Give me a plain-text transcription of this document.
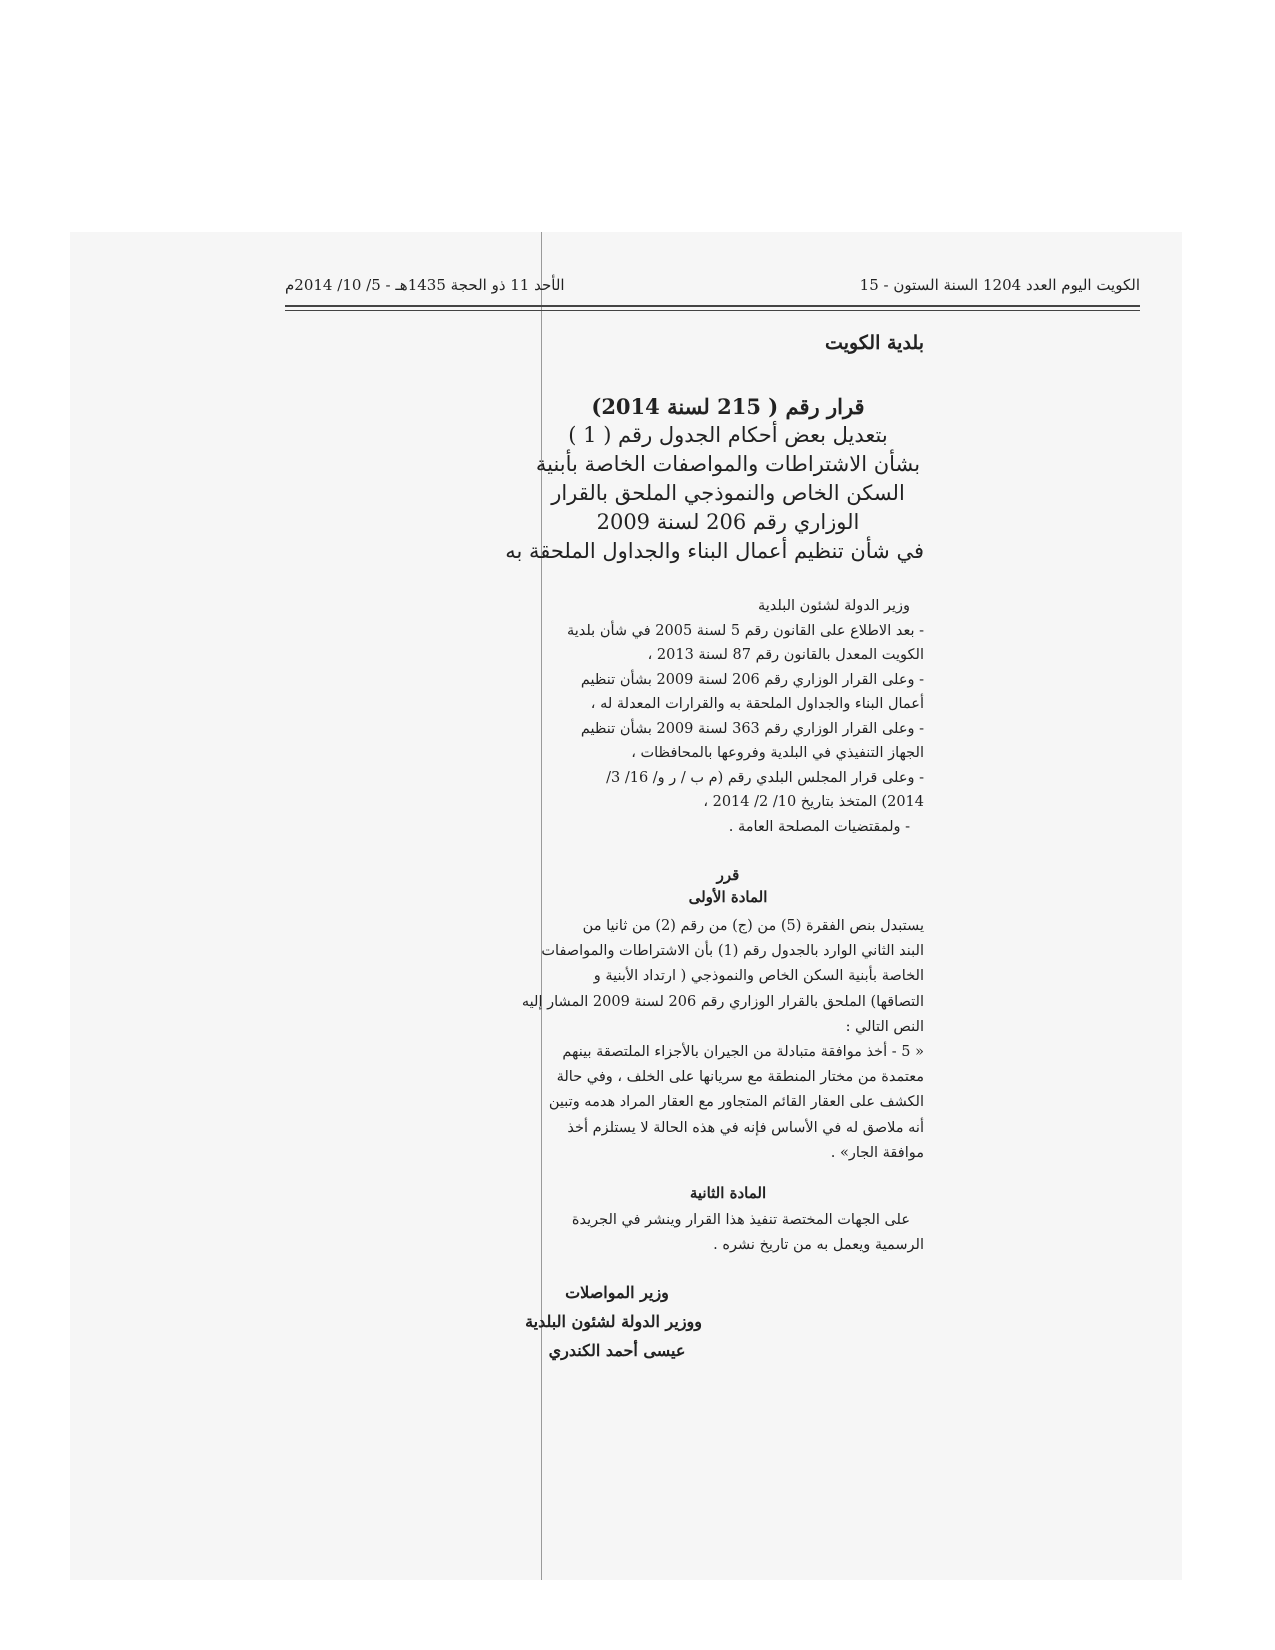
الكويت اليوم العدد 1204 السنة الستون - 15
الأحد 11 ذو الحجة 1435هـ - 5/ 10/ 2014م
بلدية الكويت
قرار رقم ( 215 لسنة 2014)
بتعديل بعض أحكام الجدول رقم ( 1 )
بشأن الاشتراطات والمواصفات الخاصة بأبنية
السكن الخاص والنموذجي الملحق بالقرار
الوزاري رقم 206 لسنة 2009
في شأن تنظيم أعمال البناء والجداول الملحقة به
وزير الدولة لشئون البلدية
- بعد الاطلاع على القانون رقم 5 لسنة 2005 في شأن بلدية
الكويت المعدل بالقانون رقم 87 لسنة 2013 ،
- وعلى القرار الوزاري رقم 206 لسنة 2009 بشأن تنظيم
أعمال البناء والجداول الملحقة به والقرارات المعدلة له ،
- وعلى القرار الوزاري رقم 363 لسنة 2009 بشأن تنظيم
الجهاز التنفيذي في البلدية وفروعها بالمحافظات ،
- وعلى قرار المجلس البلدي رقم (م ب / ر و/ 16/ 3/
2014) المتخذ بتاريخ 10/ 2/ 2014 ،
- ولمقتضيات المصلحة العامة .
قرر
المادة الأولى
يستبدل بنص الفقرة (5) من (ج) من رقم (2) من ثانيا من
البند الثاني الوارد بالجدول رقم (1) بأن الاشتراطات والمواصفات
الخاصة بأبنية السكن الخاص والنموذجي ( ارتداد الأبنية و
التصاقها) الملحق بالقرار الوزاري رقم 206 لسنة 2009 المشار إليه
النص التالي :
« 5 - أخذ موافقة متبادلة من الجيران بالأجزاء الملتصقة بينهم
معتمدة من مختار المنطقة مع سريانها على الخلف ، وفي حالة
الكشف على العقار القائم المتجاور مع العقار المراد هدمه وتبين
أنه ملاصق له في الأساس فإنه في هذه الحالة لا يستلزم أخذ
موافقة الجار» .
المادة الثانية
على الجهات المختصة تنفيذ هذا القرار وينشر في الجريدة
الرسمية ويعمل به من تاريخ نشره .
وزير المواصلات
ووزير الدولة لشئون البلدية
عيسى أحمد الكندري
